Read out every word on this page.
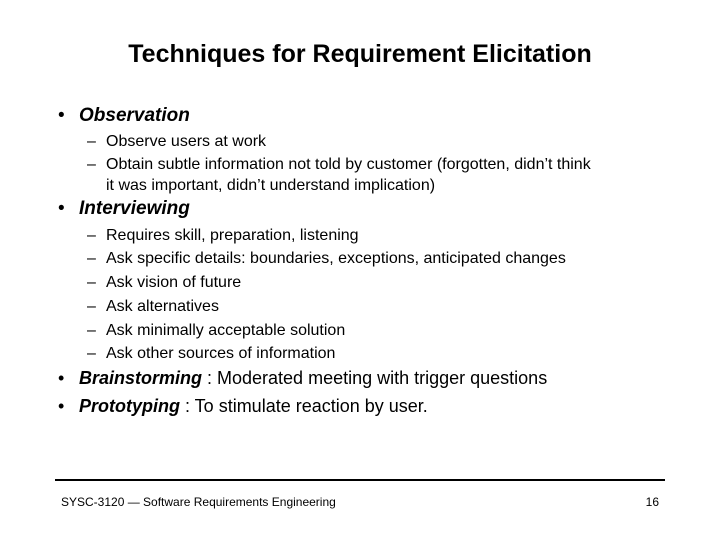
Techniques for Requirement Elicitation
• Observation
– Observe users at work
– Obtain subtle information not told by customer (forgotten, didn’t think
it was important, didn’t understand implication)
• Interviewing
– Requires skill, preparation, listening
– Ask specific details: boundaries, exceptions, anticipated changes
– Ask vision of future
– Ask alternatives
– Ask minimally acceptable solution
– Ask other sources of information
• Brainstorming : Moderated meeting with trigger questions
• Prototyping : To stimulate reaction by user.
SYSC-3120 — Software Requirements Engineering	16
